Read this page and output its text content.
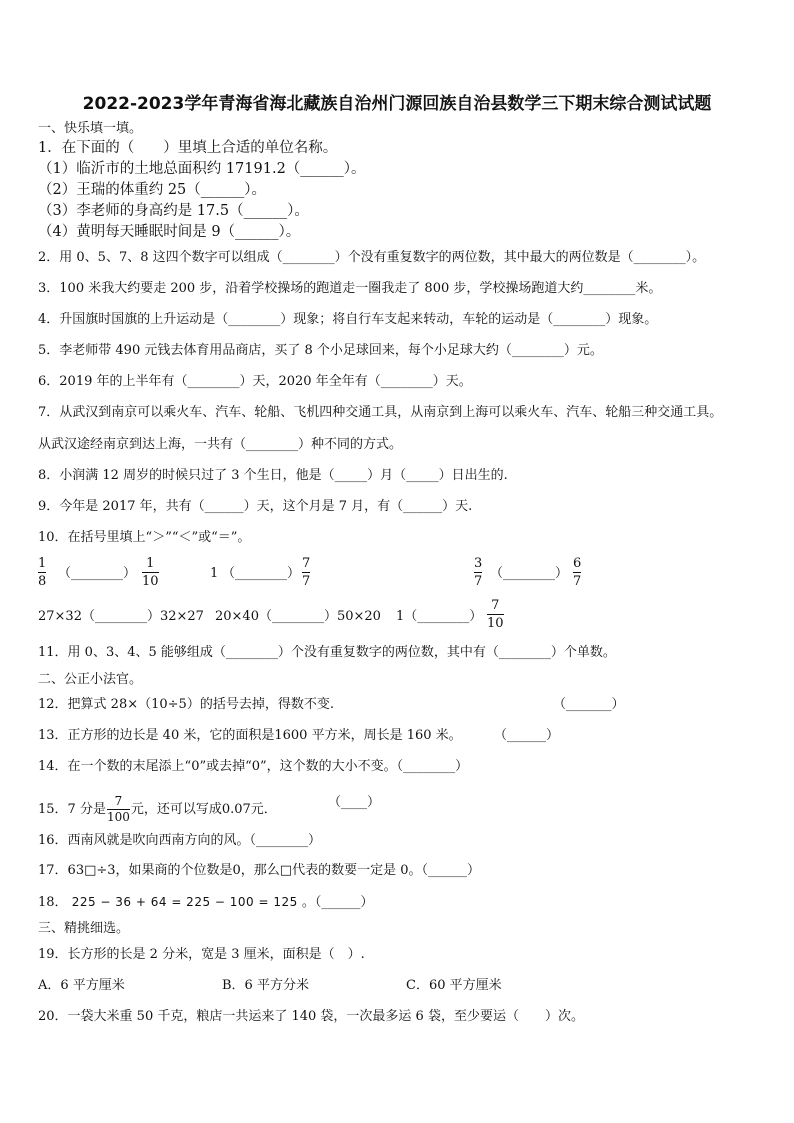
2022-2023学年青海省海北藏族自治州门源回族自治县数学三下期末综合测试试题
一、快乐填一填。
1．在下面的（　　）里填上合适的单位名称。
（1）临沂市的土地总面积约 17191.2（______）。
（2）王瑞的体重约 25（______）。
（3）李老师的身高约是 17.5（______）。
（4）黄明每天睡眠时间是 9（______）。
2．用 0、5、7、8 这四个数字可以组成（________）个没有重复数字的两位数，其中最大的两位数是（________）。
3．100 米我大约要走 200 步，沿着学校操场的跑道走一圈我走了 800 步，学校操场跑道大约________米。
4．升国旗时国旗的上升运动是（________）现象；将自行车支起来转动，车轮的运动是（________）现象。
5．李老师带 490 元钱去体育用品商店，买了 8 个小足球回来，每个小足球大约（________）元。
6．2019 年的上半年有（________）天，2020 年全年有（________）天。
7．从武汉到南京可以乘火车、汽车、轮船、飞机四种交通工具，从南京到上海可以乘火车、汽车、轮船三种交通工具。
从武汉途经南京到达上海，一共有（________）种不同的方式。
8．小润满 12 周岁的时候只过了 3 个生日，他是（_____）月（_____）日出生的.
9．今年是 2017 年，共有（______）天，这个月是 7 月，有（______）天.
10．在括号里填上“＞”“＜”或“＝”。
1
8
（________）
1
10
1 （________）
7
7
3
7
（________）
6
7
27×32（________）32×27 20×40（________）50×20 1（________）
7
10
11．用 0、3、4、5 能够组成（________）个没有重复数字的两位数，其中有（________）个单数。
二、公正小法官。
12．把算式 28×（10÷5）的括号去掉，得数不变.	（_______）
13．正方形的边长是 40 米，它的面积是1600 平方米，周长是 160 米。 （______）
14．在一个数的末尾添上“0”或去掉“0”，这个数的大小不变。（________）
15．7 分是 $\frac{7}{100}$ 元，还可以写成0.07元．	（____）
16．西南风就是吹向西南方向的风。（________）
17．63□÷3，如果商的个位数是0，那么□代表的数要一定是 0。（______）
18． 225 − 36 + 64 = 225 − 100 = 125 。（______）
三、精挑细选。
19．长方形的长是 2 分米，宽是 3 厘米，面积是（　）.
A．6 平方厘米	B．6 平方分米	C．60 平方厘米
20．一袋大米重 50 千克，粮店一共运来了 140 袋，一次最多运 6 袋，至少要运（　　）次。
